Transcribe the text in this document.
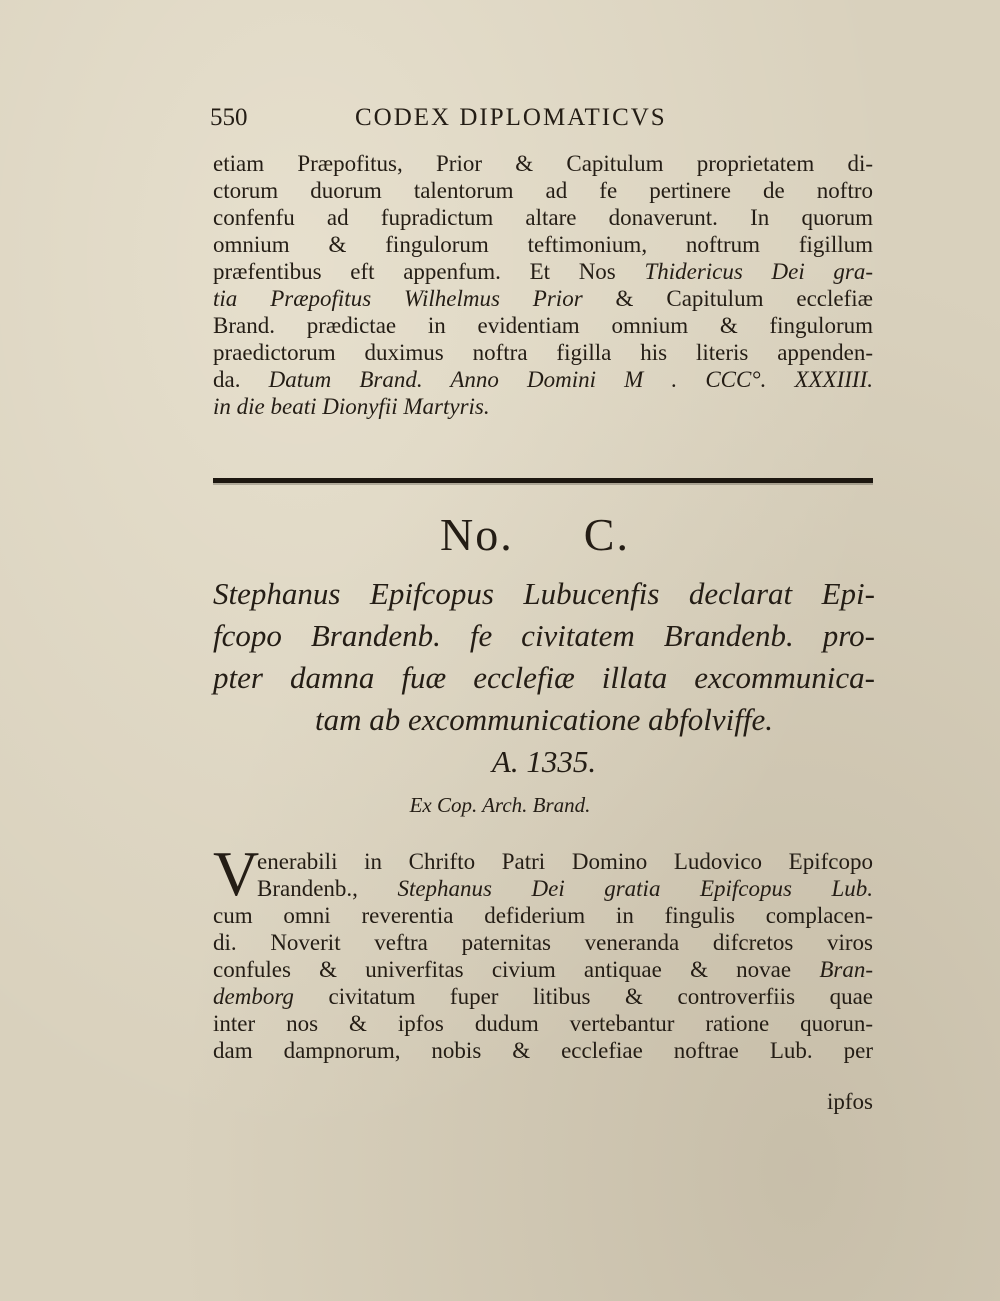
550	CODEX DIPLOMATICVS
etiam Præpofitus, Prior & Capitulum proprietatem di-
ctorum duorum talentorum ad fe pertinere de noftro
confenfu ad fupradictum altare donaverunt. In quorum
omnium & fingulorum teftimonium, noftrum figillum
præfentibus eft appenfum. Et Nos Thidericus Dei gra-
tia Præpofitus Wilhelmus Prior & Capitulum ecclefiæ
Brand. prædictae in evidentiam omnium & fingulorum
praedictorum duximus noftra figilla his literis appenden-
da. Datum Brand. Anno Domini M . CCC°. XXXIIII.
in die beati Dionyfii Martyris.
No. C.
Stephanus Epifcopus Lubucenfis declarat Epi-
fcopo Brandenb. fe civitatem Brandenb. pro-
pter damna fuæ ecclefiæ illata excommunica-
tam ab excommunicatione abfolviffe.
A. 1335.
Ex Cop. Arch. Brand.
V
enerabili in Chrifto Patri Domino Ludovico Epifcopo
Brandenb., Stephanus Dei gratia Epifcopus Lub.
cum omni reverentia defiderium in fingulis complacen-
di. Noverit veftra paternitas veneranda difcretos viros
confules & univerfitas civium antiquae & novae Bran-
demborg civitatum fuper litibus & controverfiis quae
inter nos & ipfos dudum vertebantur ratione quorun-
dam dampnorum, nobis & ecclefiae noftrae Lub. per
ipfos
